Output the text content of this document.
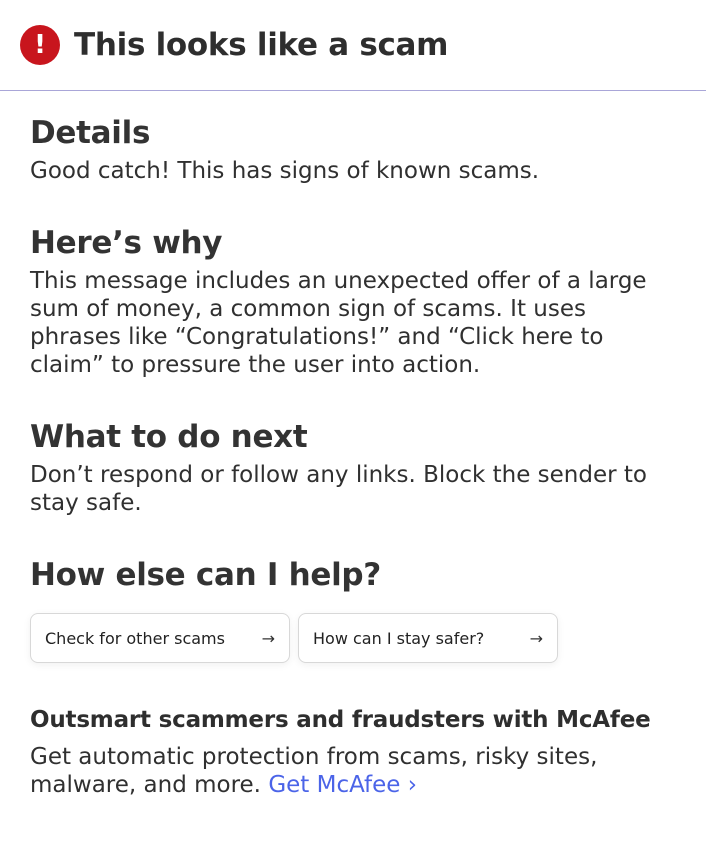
! This looks like a scam
Details

Good catch! This has signs of known scams.

Here’s why

This message includes an unexpected offer of a large sum of money, a common sign of scams. It uses phrases like “Congratulations!” and “Click here to claim” to pressure the user into action.

What to do next

Don’t respond or follow any links. Block the sender to stay safe.

How else can I help?
Check for other scams → How can I stay safer?	→
Outsmart scammers and fraudsters with McAfee

Get automatic protection from scams, risky sites, malware, and more. Get McAfee ›
